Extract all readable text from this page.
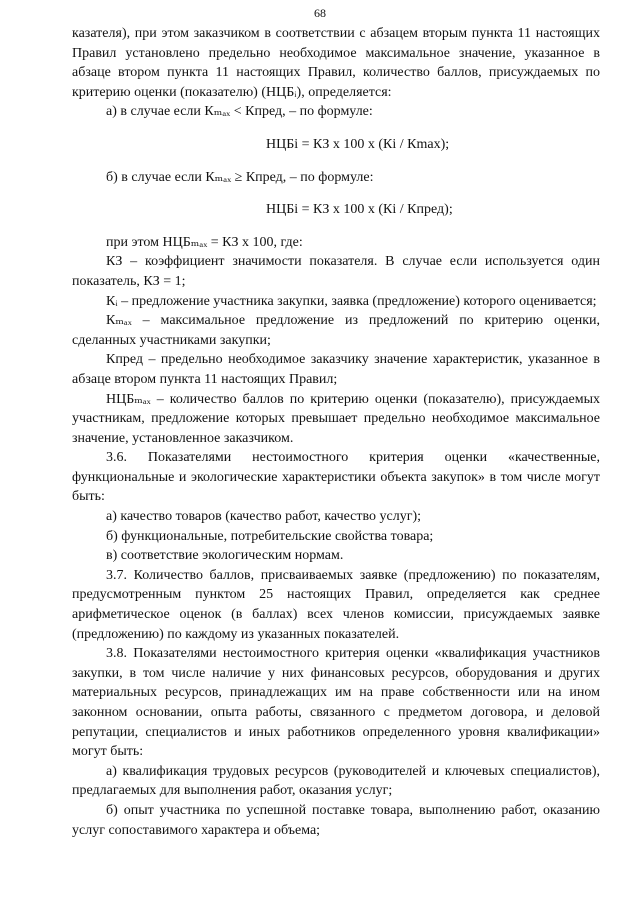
68

казателя), при этом заказчиком в соответствии с абзацем вторым пункта 11 настоящих Правил установлено предельно необходимое максимальное значение, указанное в абзаце втором пункта 11 настоящих Правил, количество баллов, присуждаемых по критерию оценки (показателю) (НЦБᵢ), определяется:

а) в случае если Кₘₐₓ < Кпред, – по формуле:

НЦБi = КЗ x 100 x (Кi / Кmax);

б) в случае если Кₘₐₓ ≥ Кпред, – по формуле:

НЦБi = КЗ x 100 x (Кi / Кпред);

при этом НЦБₘₐₓ = КЗ x 100, где:

КЗ – коэффициент значимости показателя. В случае если используется один показатель, КЗ = 1;

Кᵢ – предложение участника закупки, заявка (предложение) которого оценивается;

Кₘₐₓ – максимальное предложение из предложений по критерию оценки, сделанных участниками закупки;

Кпред – предельно необходимое заказчику значение характеристик, указанное в абзаце втором пункта 11 настоящих Правил;

НЦБₘₐₓ – количество баллов по критерию оценки (показателю), присуждаемых участникам, предложение которых превышает предельно необходимое максимальное значение, установленное заказчиком.

3.6. Показателями нестоимостного критерия оценки «качественные, функциональные и экологические характеристики объекта закупок» в том числе могут быть:

а) качество товаров (качество работ, качество услуг);

б) функциональные, потребительские свойства товара;

в) соответствие экологическим нормам.

3.7. Количество баллов, присваиваемых заявке (предложению) по показателям, предусмотренным пунктом 25 настоящих Правил, определяется как среднее арифметическое оценок (в баллах) всех членов комиссии, присуждаемых заявке (предложению) по каждому из указанных показателей.

3.8. Показателями нестоимостного критерия оценки «квалификация участников закупки, в том числе наличие у них финансовых ресурсов, оборудования и других материальных ресурсов, принадлежащих им на праве собственности или на ином законном основании, опыта работы, связанного с предметом договора, и деловой репутации, специалистов и иных работников определенного уровня квалификации» могут быть:

а) квалификация трудовых ресурсов (руководителей и ключевых специалистов), предлагаемых для выполнения работ, оказания услуг;

б) опыт участника по успешной поставке товара, выполнению работ, оказанию услуг сопоставимого характера и объема;
